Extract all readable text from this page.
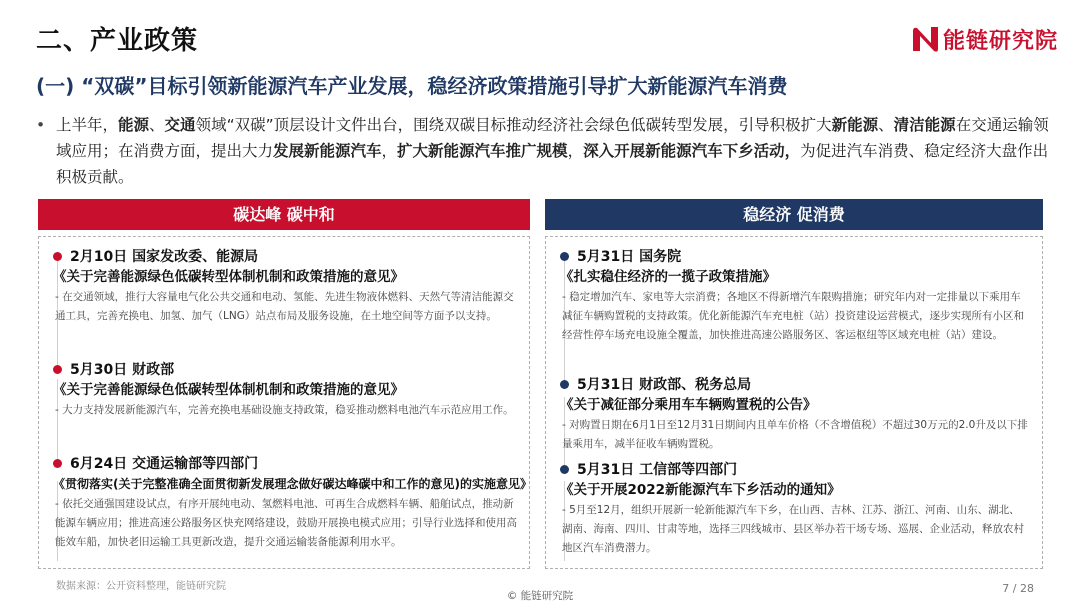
二、产业政策	能链研究院
(一) “双碳”目标引领新能源汽车产业发展，稳经济政策措施引导扩大新能源汽车消费
• 上半年，能源、交通领域“双碳”顶层设计文件出台，围绕双碳目标推动经济社会绿色低碳转型发展，引导积极扩大新能源、清洁能源在交通运输领域应用；在消费方面，提出大力发展新能源汽车，扩大新能源汽车推广规模，深入开展新能源汽车下乡活动，为促进汽车消费、稳定经济大盘作出积极贡献。
碳达峰 碳中和
2月10日 国家发改委、能源局
《关于完善能源绿色低碳转型体制机制和政策措施的意见》
- 在交通领域，推行大容量电气化公共交通和电动、氢能、先进生物液体燃料、天然气等清洁能源交通工具，完善充换电、加氢、加气（LNG）站点布局及服务设施，在土地空间等方面予以支持。
5月30日 财政部
《关于完善能源绿色低碳转型体制机制和政策措施的意见》
- 大力支持发展新能源汽车，完善充换电基础设施支持政策，稳妥推动燃料电池汽车示范应用工作。
6月24日 交通运输部等四部门
《贯彻落实(关于完整准确全面贯彻新发展理念做好碳达峰碳中和工作的意见)的实施意见》
- 依托交通强国建设试点，有序开展纯电动、氢燃料电池、可再生合成燃料车辆、船舶试点，推动新能源车辆应用；推进高速公路服务区快充网络建设，鼓励开展换电模式应用；引导行业选择和使用高能效车船，加快老旧运输工具更新改造，提升交通运输装备能源利用水平。
稳经济 促消费
5月31日 国务院
《扎实稳住经济的一揽子政策措施》
- 稳定增加汽车、家电等大宗消费；各地区不得新增汽车限购措施；研究年内对一定排量以下乘用车减征车辆购置税的支持政策。优化新能源汽车充电桩（站）投资建设运营模式，逐步实现所有小区和经营性停车场充电设施全覆盖，加快推进高速公路服务区、客运枢纽等区域充电桩（站）建设。
5月31日 财政部、税务总局
《关于减征部分乘用车车辆购置税的公告》
- 对购置日期在6月1日至12月31日期间内且单车价格（不含增值税）不超过30万元的2.0升及以下排量乘用车，减半征收车辆购置税。
5月31日 工信部等四部门
《关于开展2022新能源汽车下乡活动的通知》
- 5月至12月，组织开展新一轮新能源汽车下乡，在山西、吉林、江苏、浙江、河南、山东、湖北、湖南、海南、四川、甘肃等地，选择三四线城市、县区举办若干场专场、巡展、企业活动，释放农村地区汽车消费潜力。
数据来源：公开资料整理，能链研究院
© 能链研究院
7 / 28
